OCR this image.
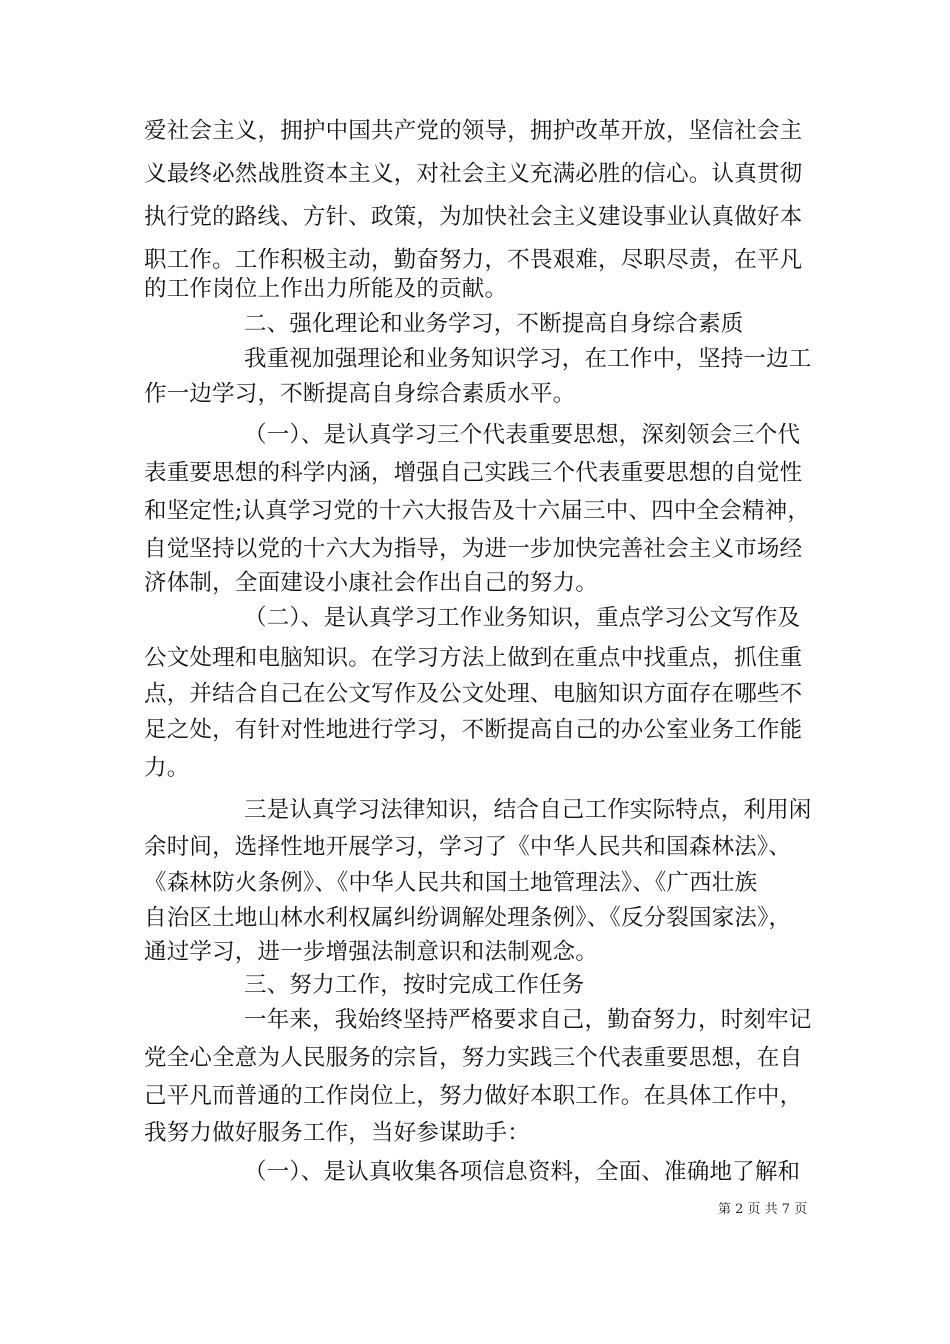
爱社会主义，拥护中国共产党的领导，拥护改革开放，坚信社会主
义最终必然战胜资本主义，对社会主义充满必胜的信心。认真贯彻
执行党的路线、方针、政策，为加快社会主义建设事业认真做好本
职工作。工作积极主动，勤奋努力，不畏艰难，尽职尽责，在平凡
的工作岗位上作出力所能及的贡献。
二、强化理论和业务学习，不断提高自身综合素质
我重视加强理论和业务知识学习，在工作中，坚持一边工
作一边学习，不断提高自身综合素质水平。
（一）、是认真学习三个代表重要思想，深刻领会三个代
表重要思想的科学内涵，增强自己实践三个代表重要思想的自觉性
和坚定性;认真学习党的十六大报告及十六届三中、四中全会精神，
自觉坚持以党的十六大为指导，为进一步加快完善社会主义市场经
济体制，全面建设小康社会作出自己的努力。
（二）、是认真学习工作业务知识，重点学习公文写作及
公文处理和电脑知识。在学习方法上做到在重点中找重点，抓住重
点，并结合自己在公文写作及公文处理、电脑知识方面存在哪些不
足之处，有针对性地进行学习，不断提高自己的办公室业务工作能
力。
三是认真学习法律知识，结合自己工作实际特点，利用闲
余时间，选择性地开展学习，学习了《中华人民共和国森林法》、
《森林防火条例》、《中华人民共和国土地管理法》、《广西壮族
自治区土地山林水利权属纠纷调解处理条例》、《反分裂国家法》，
通过学习，进一步增强法制意识和法制观念。
三、努力工作，按时完成工作任务
一年来，我始终坚持严格要求自己，勤奋努力，时刻牢记
党全心全意为人民服务的宗旨，努力实践三个代表重要思想，在自
己平凡而普通的工作岗位上，努力做好本职工作。在具体工作中，
我努力做好服务工作，当好参谋助手：
（一）、是认真收集各项信息资料，全面、准确地了解和
第 2 页 共 7 页
